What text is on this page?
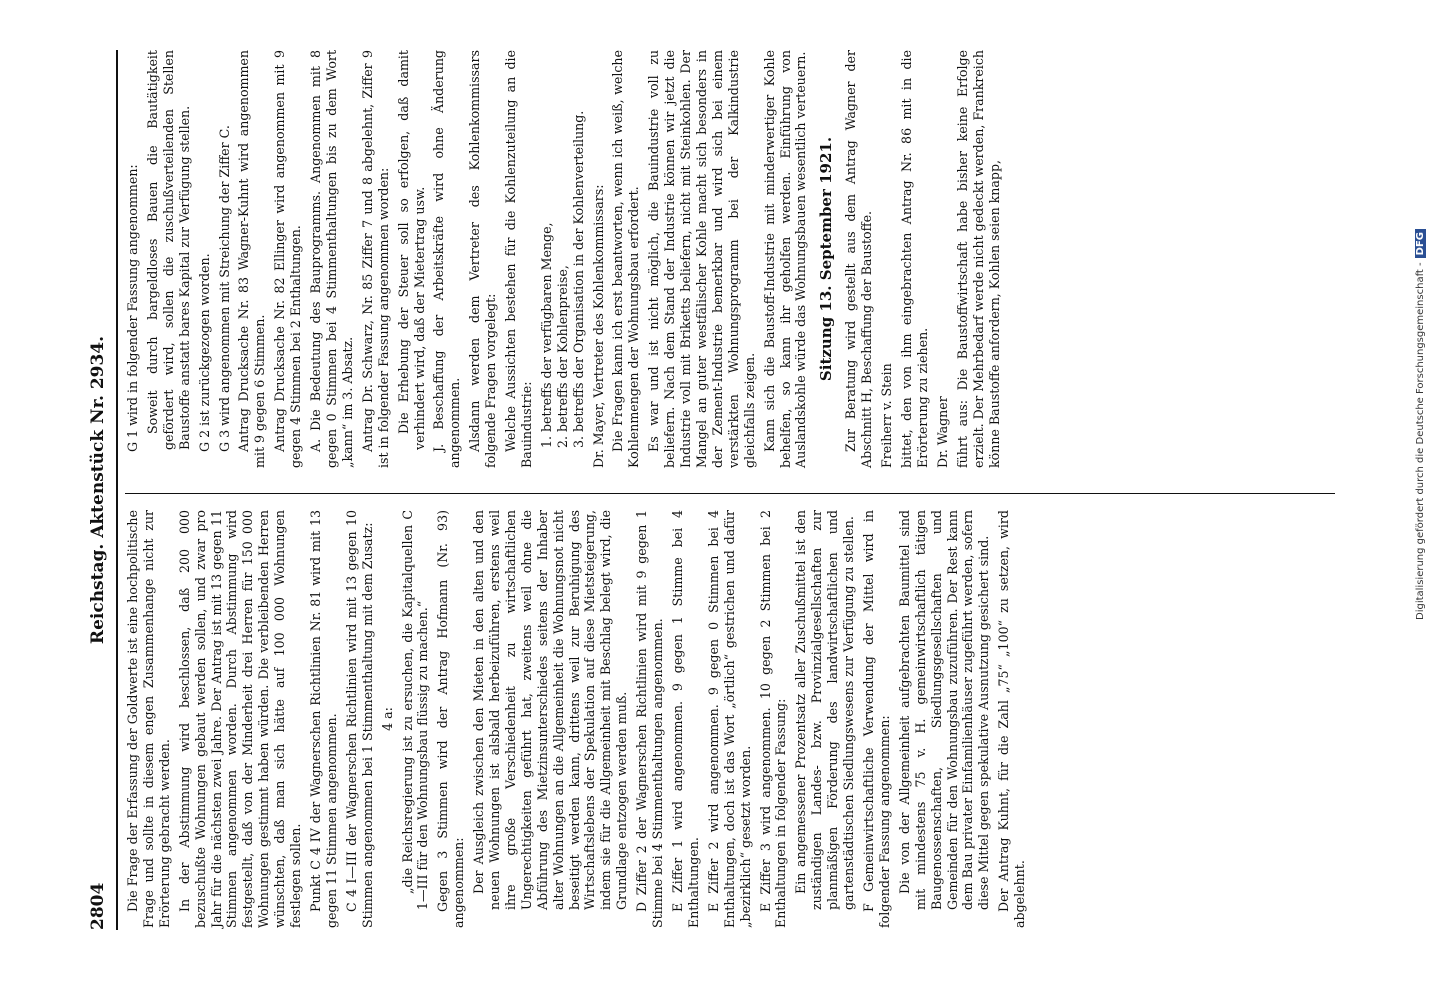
2804
Reichstag. Aktenstück Nr. 2934.

Die Frage der Erfassung der Goldwerte ist eine hochpolitische Frage und sollte in diesem engen Zusammenhange nicht zur Erörterung gebracht werden. In der Abstimmung wird beschlossen, daß 200 000 bezuschußte Wohnungen gebaut werden sollen, und zwar pro Jahr für die nächsten zwei Jahre. Der Antrag ist mit 13 gegen 11 Stimmen angenommen worden. Durch Abstimmung wird festgestellt, daß von der Minderheit drei Herren für 150 000 Wohnungen gestimmt haben würden. Die verbleibenden Herren wünschten, daß man sich hätte auf 100 000 Wohnungen festlegen sollen. Punkt C 4 IV der Wagnerschen Richtlinien Nr. 81 wird mit 13 gegen 11 Stimmen angenommen. C 4 I—III der Wagnerschen Richtlinien wird mit 13 gegen 10 Stimmen angenommen bei 1 Stimmenthaltung mit dem Zusatz: 4 a: „die Reichsregierung ist zu ersuchen, die Kapitalquellen C 1—III für den Wohnungsbau flüssig zu machen.“ Gegen 3 Stimmen wird der Antrag Hofmann (Nr. 93) angenommen: Der Ausgleich zwischen den Mieten in den alten und den neuen Wohnungen ist alsbald herbeizuführen, erstens weil ihre große Verschiedenheit zu wirtschaftlichen Ungerechtigkeiten geführt hat, zweitens weil ohne die Abführung des Mietzinsunterschiedes seitens der Inhaber alter Wohnungen an die Allgemeinheit die Wohnungsnot nicht beseitigt werden kann, drittens weil zur Beruhigung des Wirtschaftslebens der Spekulation auf diese Mietsteigerung, indem sie für die Allgemeinheit mit Beschlag belegt wird, die Grundlage entzogen werden muß. D Ziffer 2 der Wagnerschen Richtlinien wird mit 9 gegen 1 Stimme bei 4 Stimmenthaltungen angenommen. E Ziffer 1 wird angenommen. 9 gegen 1 Stimme bei 4 Enthaltungen. E Ziffer 2 wird angenommen. 9 gegen 0 Stimmen bei 4 Enthaltungen, doch ist das Wort „örtlich“ gestrichen und dafür „bezirklich“ gesetzt worden. E Ziffer 3 wird angenommen. 10 gegen 2 Stimmen bei 2 Enthaltungen in folgender Fassung: Ein angemessener Prozentsatz aller Zuschußmittel ist den zuständigen Landes- bzw. Provinzialgesellschaften zur planmäßigen Förderung des landwirtschaftlichen und gartenstädtischen Siedlungswesens zur Verfügung zu stellen. F Gemeinwirtschaftliche Verwendung der Mittel wird in folgender Fassung angenommen: Die von der Allgemeinheit aufgebrachten Baumittel sind mit mindestens 75 v. H. gemeinwirtschaftlich tätigen Baugenossenschaften, Siedlungsgesellschaften und Gemeinden für den Wohnungsbau zuzuführen. Der Rest kann dem Bau privater Einfamilienhäuser zugeführt werden, sofern diese Mittel gegen spekulative Ausnutzung gesichert sind. Der Antrag Kuhnt, für die Zahl „75“ „100“ zu setzen, wird abgelehnt.

G 1 wird in folgender Fassung angenommen: Soweit durch bargeldloses Bauen die Bautätigkeit gefördert wird, sollen die zuschußverteilenden Stellen Baustoffe anstatt bares Kapital zur Verfügung stellen. G 2 ist zurückgezogen worden. G 3 wird angenommen mit Streichung der Ziffer C. Antrag Drucksache Nr. 83 Wagner-Kuhnt wird angenommen mit 9 gegen 6 Stimmen. Antrag Drucksache Nr. 82 Ellinger wird angenommen mit 9 gegen 4 Stimmen bei 2 Enthaltungen. A. Die Bedeutung des Bauprogramms. Angenommen mit 8 gegen 0 Stimmen bei 4 Stimmenthaltungen bis zu dem Wort „kann“ im 3. Absatz. Antrag Dr. Schwarz, Nr. 85 Ziffer 7 und 8 abgelehnt, Ziffer 9 ist in folgender Fassung angenommen worden: Die Erhebung der Steuer soll so erfolgen, daß damit verhindert wird, daß der Mietertrag usw. J. Beschaffung der Arbeitskräfte wird ohne Änderung angenommen. Alsdann werden dem Vertreter des Kohlenkommissars folgende Fragen vorgelegt: Welche Aussichten bestehen für die Kohlenzuteilung an die Bauindustrie: 1. betreffs der verfügbaren Menge, 2. betreffs der Kohlenpreise, 3. betreffs der Organisation in der Kohlenverteilung. Dr. Mayer, Vertreter des Kohlenkommissars: Die Fragen kann ich erst beantworten, wenn ich weiß, welche Kohlenmengen der Wohnungsbau erfordert. Es war und ist nicht möglich, die Bauindustrie voll zu beliefern. Nach dem Stand der Industrie können wir jetzt die Industrie voll mit Briketts beliefern, nicht mit Steinkohlen. Der Mangel an guter westfälischer Kohle macht sich besonders in der Zement-Industrie bemerkbar und wird sich bei einem verstärkten Wohnungsprogramm bei der Kalkindustrie gleichfalls zeigen. Kann sich die Baustoff-Industrie mit minderwertiger Kohle behelfen, so kann ihr geholfen werden. Einführung von Auslandskohle würde das Wohnungsbauen wesentlich verteuern. Sitzung 13. September 1921. Zur Beratung wird gestellt aus dem Antrag Wagner der Abschnitt H, Beschaffung der Baustoffe. Freiherr v. Stein bittet, den von ihm eingebrachten Antrag Nr. 86 mit in die Erörterung zu ziehen. Dr. Wagner führt aus: Die Baustoffwirtschaft habe bisher keine Erfolge erzielt. Der Mehrbedarf werde nicht gedeckt werden, Frankreich könne Baustoffe anfordern, Kohlen seien knapp,	Digitalisierung gefördert durch die Deutsche Forschungsgemeinschaft -DFG
